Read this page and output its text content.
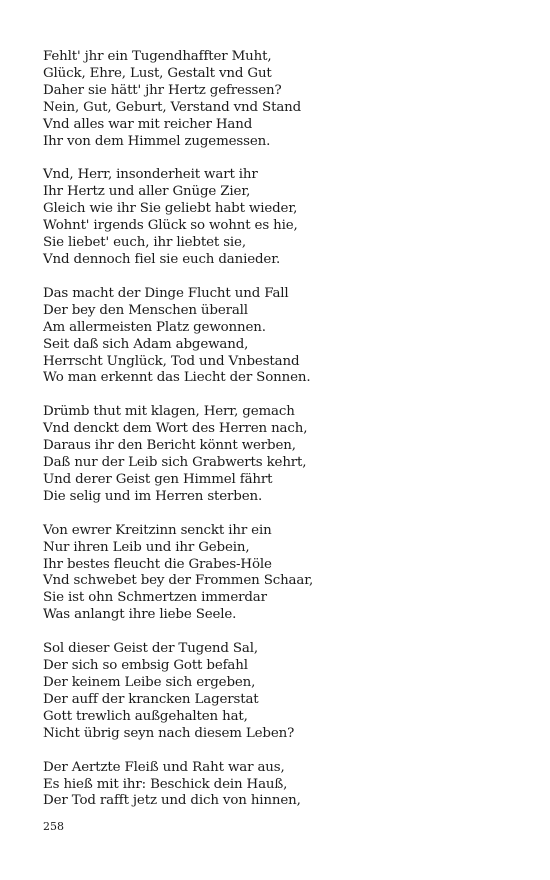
Fehlt' jhr ein Tugendhaffter Muht,
Glück, Ehre, Lust, Gestalt vnd Gut
Daher sie hätt' jhr Hertz gefressen?
Nein, Gut, Geburt, Verstand vnd Stand
Vnd alles war mit reicher Hand
Ihr von dem Himmel zugemessen.
Vnd, Herr, insonderheit wart ihr
Ihr Hertz und aller Gnüge Zier,
Gleich wie ihr Sie geliebt habt wieder,
Wohnt' irgends Glück so wohnt es hie,
Sie liebet' euch, ihr liebtet sie,
Vnd dennoch fiel sie euch danieder.
Das macht der Dinge Flucht und Fall
Der bey den Menschen überall
Am allermeisten Platz gewonnen.
Seit daß sich Adam abgewand,
Herrscht Unglück, Tod und Vnbestand
Wo man erkennt das Liecht der Sonnen.
Drümb thut mit klagen, Herr, gemach
Vnd denckt dem Wort des Herren nach,
Daraus ihr den Bericht könnt werben,
Daß nur der Leib sich Grabwerts kehrt,
Und derer Geist gen Himmel fährt
Die selig und im Herren sterben.
Von ewrer Kreitzinn senckt ihr ein
Nur ihren Leib und ihr Gebein,
Ihr bestes fleucht die Grabes-Höle
Vnd schwebet bey der Frommen Schaar,
Sie ist ohn Schmertzen immerdar
Was anlangt ihre liebe Seele.
Sol dieser Geist der Tugend Sal,
Der sich so embsig Gott befahl
Der keinem Leibe sich ergeben,
Der auff der krancken Lagerstat
Gott trewlich außgehalten hat,
Nicht übrig seyn nach diesem Leben?
Der Aertzte Fleiß und Raht war aus,
Es hieß mit ihr: Beschick dein Hauß,
Der Tod rafft jetz und dich von hinnen,
258
